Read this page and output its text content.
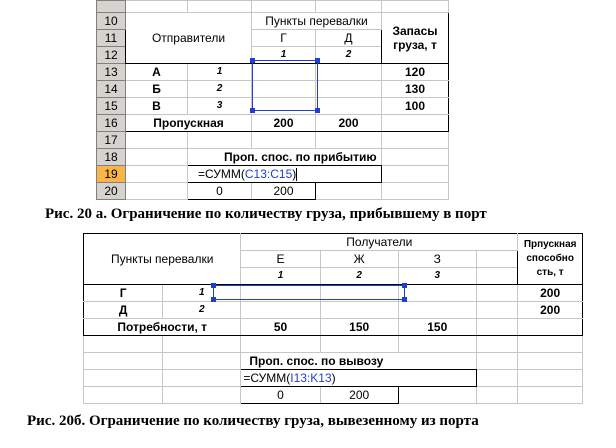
10	Отправители		Пункты перевалки		Запасы
груза, т
11			Г	Д	
12			1	2	
13	А	1			120
14	Б	2			130
15	В	3			100
16	Пропускная		200	200	
17					
18		Проп. спос. по прибытию			
19		=СУММ(C13:C15)			
20		0	200		
Рис. 20 а. Ограничение по количеству груза, прибывшему в порт
Пункты перевалки		Получатели				Прпускная
способно
сть, т
		Е	Ж	З		
		1	2	3		
Г	1					200
Д	2					200
Потребности, т		50	150	150		

		Проп. спос. по вывозу				
		=СУММ(I13:K13)				
		0	200			
Рис. 20б. Ограничение по количеству груза, вывезенному из порта
